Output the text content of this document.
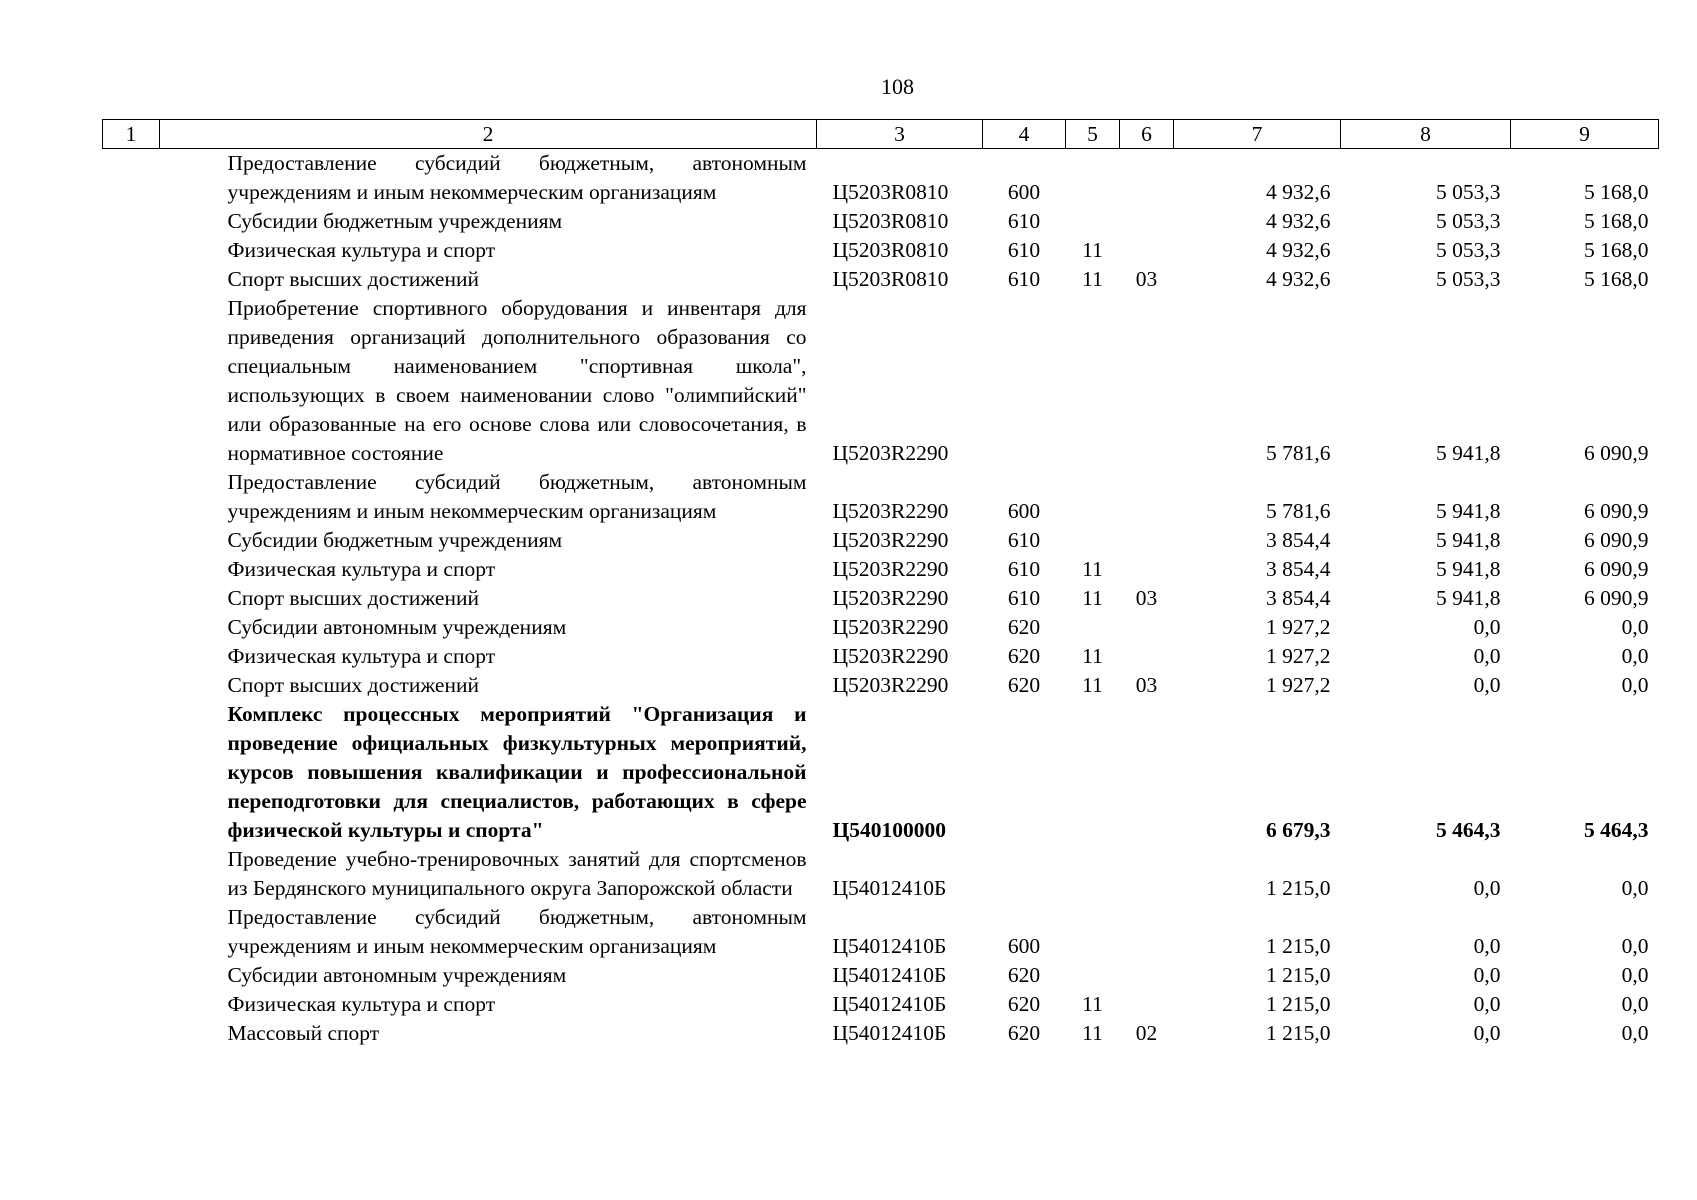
108
1	2	3	4	5	6	7	8	9
	Предоставление субсидий бюджетным, автономным учреждениям и иным некоммерческим организациям	Ц5203R0810	600			4 932,6	5 053,3	5 168,0
	Субсидии бюджетным учреждениям	Ц5203R0810	610			4 932,6	5 053,3	5 168,0
	Физическая культура и спорт	Ц5203R0810	610	11		4 932,6	5 053,3	5 168,0
	Спорт высших достижений	Ц5203R0810	610	11	03	4 932,6	5 053,3	5 168,0
	Приобретение спортивного оборудования и инвентаря для приведения организаций дополнительного образования со специальным наименованием "спортивная школа", использующих в своем наименовании слово "олимпийский" или образованные на его основе слова или словосочетания, в нормативное состояние	Ц5203R2290				5 781,6	5 941,8	6 090,9
	Предоставление субсидий бюджетным, автономным учреждениям и иным некоммерческим организациям	Ц5203R2290	600			5 781,6	5 941,8	6 090,9
	Субсидии бюджетным учреждениям	Ц5203R2290	610			3 854,4	5 941,8	6 090,9
	Физическая культура и спорт	Ц5203R2290	610	11		3 854,4	5 941,8	6 090,9
	Спорт высших достижений	Ц5203R2290	610	11	03	3 854,4	5 941,8	6 090,9
	Субсидии автономным учреждениям	Ц5203R2290	620			1 927,2	0,0	0,0
	Физическая культура и спорт	Ц5203R2290	620	11		1 927,2	0,0	0,0
	Спорт высших достижений	Ц5203R2290	620	11	03	1 927,2	0,0	0,0
	Комплекс процессных мероприятий "Организация и проведение официальных физкультурных мероприятий, курсов повышения квалификации и профессиональной переподготовки для специалистов, работающих в сфере физической культуры и спорта"	Ц540100000				6 679,3	5 464,3	5 464,3
	Проведение учебно-тренировочных занятий для спортсменов из Бердянского муниципального округа Запорожской области	Ц54012410Б				1 215,0	0,0	0,0
	Предоставление субсидий бюджетным, автономным учреждениям и иным некоммерческим организациям	Ц54012410Б	600			1 215,0	0,0	0,0
	Субсидии автономным учреждениям	Ц54012410Б	620			1 215,0	0,0	0,0
	Физическая культура и спорт	Ц54012410Б	620	11		1 215,0	0,0	0,0
	Массовый спорт	Ц54012410Б	620	11	02	1 215,0	0,0	0,0
